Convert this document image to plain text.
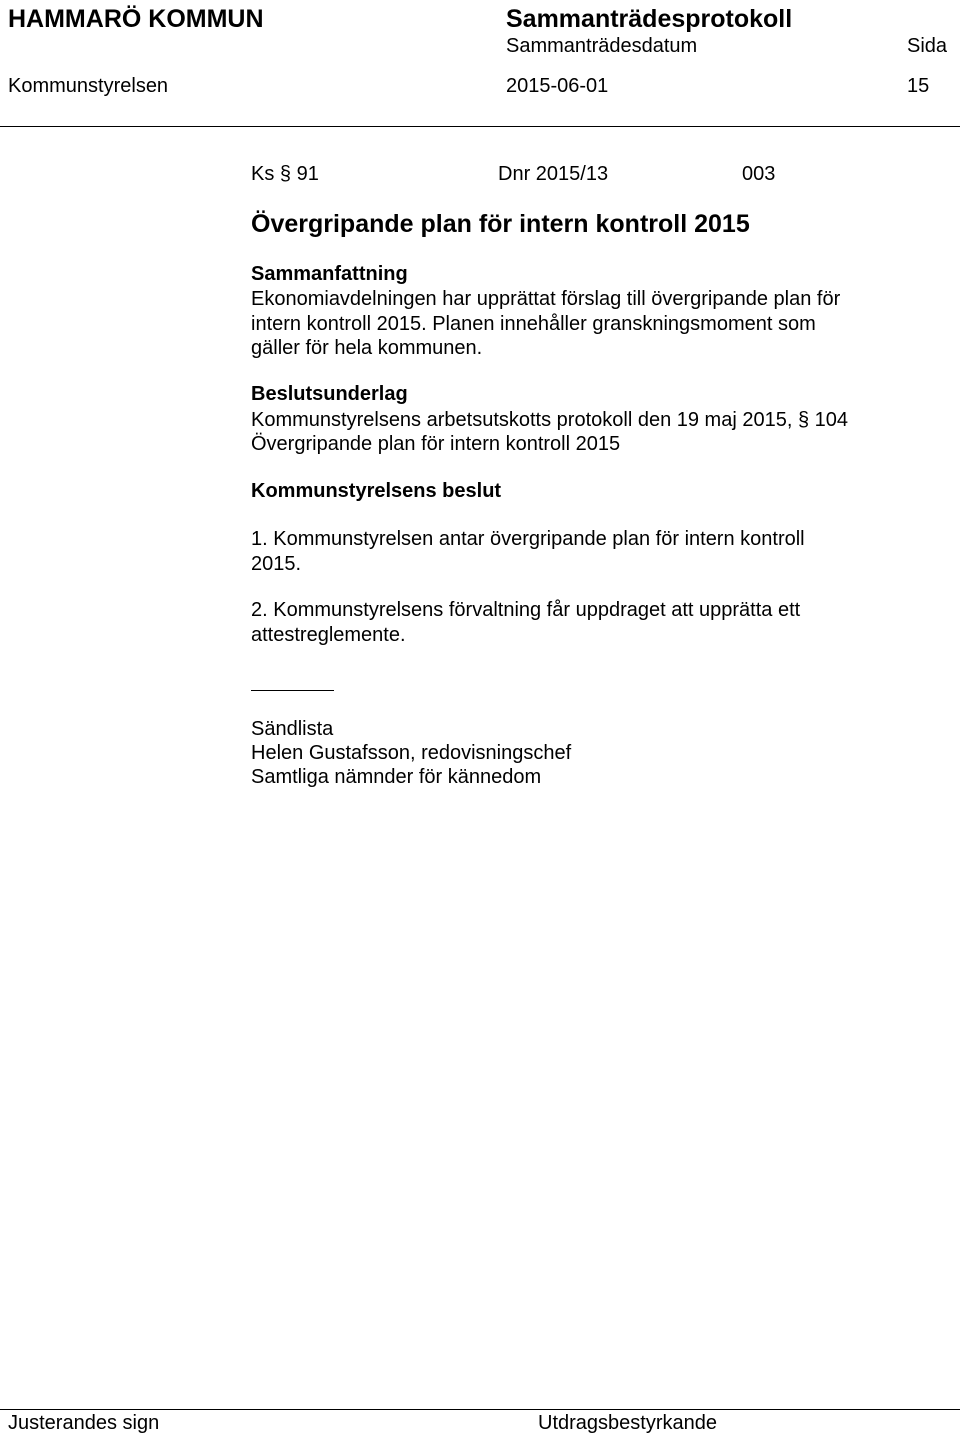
HAMMARÖ KOMMUN	Sammanträdesprotokoll
Sammanträdesdatum	Sida
Kommunstyrelsen	2015-06-01	15
Ks § 91	Dnr 2015/13	003
Övergripande plan för intern kontroll 2015
Sammanfattning
Ekonomiavdelningen har upprättat förslag till övergripande plan för
intern kontroll 2015. Planen innehåller granskningsmoment som
gäller för hela kommunen.
Beslutsunderlag
Kommunstyrelsens arbetsutskotts protokoll den 19 maj 2015, § 104
Övergripande plan för intern kontroll 2015
Kommunstyrelsens beslut
1. Kommunstyrelsen antar övergripande plan för intern kontroll
2015.
2. Kommunstyrelsens förvaltning får uppdraget att upprätta ett
attestreglemente.
Sändlista
Helen Gustafsson, redovisningschef
Samtliga nämnder för kännedom
Justerandes sign	Utdragsbestyrkande
